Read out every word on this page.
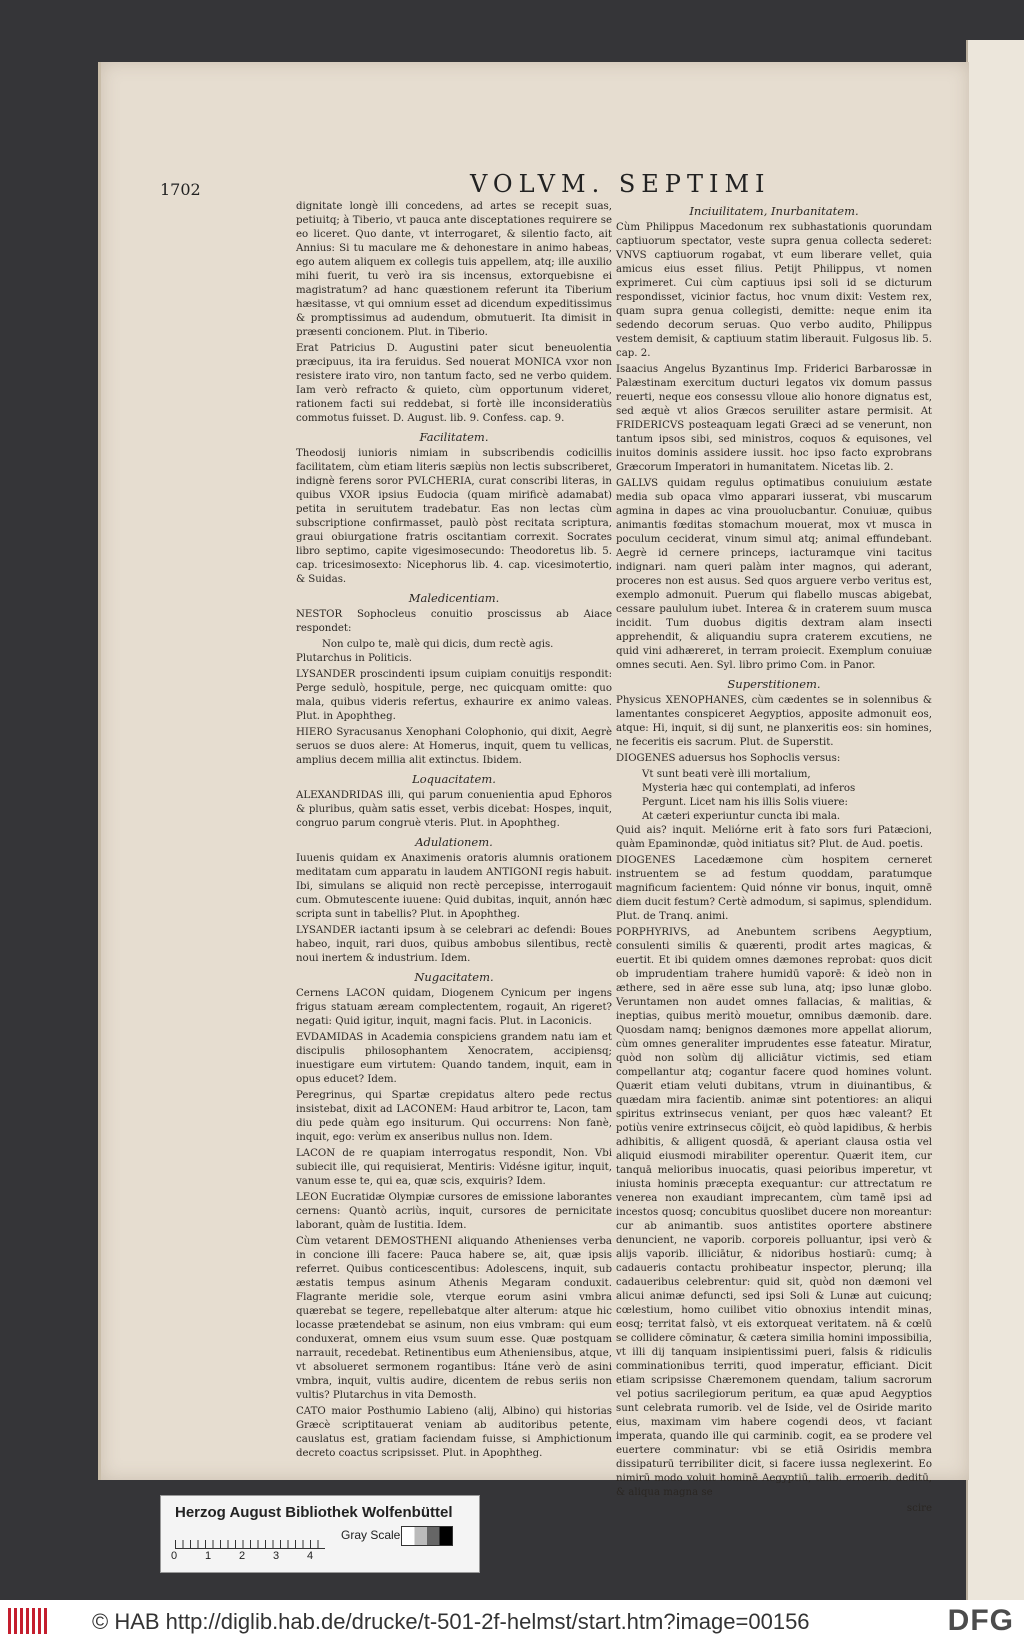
1702	VOLVM. SEPTIMI

dignitate longè illi concedens, ad artes se recepit suas, petiuitq; à Tiberio, vt pauca ante disceptationes requirere se eo liceret. Quo dante, vt interrogaret, & silentio facto, ait Annius: Si tu maculare me & dehonestare in animo habeas, ego autem aliquem ex collegis tuis appellem, atq; ille auxilio mihi fuerit, tu verò ira sis incensus, extorquebisne ei magistratum? ad hanc quæstionem referunt ita Tiberium hæsitasse, vt qui omnium esset ad dicendum expeditissimus & promptissimus ad audendum, obmutuerit. Ita dimisit in præsenti concionem. Plut. in Tiberio.

Erat Patricius D. Augustini pater sicut beneuolentia præcipuus, ita ira feruidus. Sed nouerat MONICA vxor non resistere irato viro, non tantum facto, sed ne verbo quidem. Iam verò refracto & quieto, cùm opportunum videret, rationem facti sui reddebat, si fortè ille inconsideratiùs commotus fuisset. D. August. lib. 9. Confess. cap. 9.

Facilitatem.

Theodosij iunioris nimiam in subscribendis codicillis facilitatem, cùm etiam literis sæpiùs non lectis subscriberet, indignè ferens soror PVLCHERIA, curat conscribi literas, in quibus VXOR ipsius Eudocia (quam mirificè adamabat) petita in seruitutem tradebatur. Eas non lectas cùm subscriptione confirmasset, paulò pòst recitata scriptura, graui obiurgatione fratris oscitantiam correxit. Socrates libro septimo, capite vigesimosecundo: Theodoretus lib. 5. cap. tricesimosexto: Nicephorus lib. 4. cap. vicesimotertio, & Suidas.

Maledicentiam.

NESTOR Sophocleus conuitio proscissus ab Aiace respondet:

Non culpo te, malè qui dicis, dum rectè agis.

Plutarchus in Politicis.

LYSANDER proscindenti ipsum cuipiam conuitijs respondit: Perge sedulò, hospitule, perge, nec quicquam omitte: quo mala, quibus videris refertus, exhaurire ex animo valeas. Plut. in Apophtheg.

HIERO Syracusanus Xenophani Colophonio, qui dixit, Aegrè seruos se duos alere: At Homerus, inquit, quem tu vellicas, amplius decem millia alit extinctus. Ibidem.

Loquacitatem.

ALEXANDRIDAS illi, qui parum conuenientia apud Ephoros & pluribus, quàm satis esset, verbis dicebat: Hospes, inquit, congruo parum congruè vteris. Plut. in Apophtheg.

Adulationem.

Iuuenis quidam ex Anaximenis oratoris alumnis orationem meditatam cum apparatu in laudem ANTIGONI regis habuit. Ibi, simulans se aliquid non rectè percepisse, interrogauit cum. Obmutescente iuuene: Quid dubitas, inquit, annón hæc scripta sunt in tabellis? Plut. in Apophtheg.

LYSANDER iactanti ipsum à se celebrari ac defendi: Boues habeo, inquit, rari duos, quibus ambobus silentibus, rectè noui inertem & industrium. Idem.

Nugacitatem.

Cernens LACON quidam, Diogenem Cynicum per ingens frigus statuam æream complectentem, rogauit, An rigeret? negati: Quid igitur, inquit, magni facis. Plut. in Laconicis.

EVDAMIDAS in Academia conspiciens grandem natu iam et discipulis philosophantem Xenocratem, accipiensq; inuestigare eum virtutem: Quando tandem, inquit, eam in opus educet? Idem.

Peregrinus, qui Spartæ crepidatus altero pede rectus insistebat, dixit ad LACONEM: Haud arbitror te, Lacon, tam diu pede quàm ego insiturum. Qui occurrens: Non fanè, inquit, ego: verùm ex anseribus nullus non. Idem.

LACON de re quapiam interrogatus respondit, Non. Vbi subiecit ille, qui requisierat, Mentiris: Vidésne igitur, inquit, vanum esse te, qui ea, quæ scis, exquiris? Idem.

LEON Eucratidæ Olympiæ cursores de emissione laborantes cernens: Quantò acriùs, inquit, cursores de pernicitate laborant, quàm de Iustitia. Idem.

Cùm vetarent DEMOSTHENI aliquando Athenienses verba in concione illi facere: Pauca habere se, ait, quæ ipsis referret. Quibus conticescentibus: Adolescens, inquit, sub æstatis tempus asinum Athenis Megaram conduxit. Flagrante meridie sole, vterque eorum asini vmbra quærebat se tegere, repellebatque alter alterum: atque hic locasse prætendebat se asinum, non eius vmbram: qui eum conduxerat, omnem eius vsum suum esse. Quæ postquam narrauit, recedebat. Retinentibus eum Atheniensibus, atque, vt absolueret sermonem rogantibus: Itáne verò de asini vmbra, inquit, vultis audire, dicentem de rebus seriis non vultis? Plutarchus in vita Demosth.

CATO maior Posthumio Labieno (alij, Albino) qui historias Græcè scriptitauerat veniam ab auditoribus petente, causlatus est, gratiam faciendam fuisse, si Amphictionum decreto coactus scripsisset. Plut. in Apophtheg.

Inciuilitatem, Inurbanitatem.

Cùm Philippus Macedonum rex subhastationis quorundam captiuorum spectator, veste supra genua collecta sederet: VNVS captiuorum rogabat, vt eum liberare vellet, quia amicus eius esset filius. Petijt Philippus, vt nomen exprimeret. Cui cùm captiuus ipsi soli id se dicturum respondisset, vicinior factus, hoc vnum dixit: Vestem rex, quam supra genua collegisti, demitte: neque enim ita sedendo decorum seruas. Quo verbo audito, Philippus vestem demisit, & captiuum statim liberauit. Fulgosus lib. 5. cap. 2.

Isaacius Angelus Byzantinus Imp. Friderici Barbarossæ in Palæstinam exercitum ducturi legatos vix domum passus reuerti, neque eos consessu vlloue alio honore dignatus est, sed æquè vt alios Græcos seruiliter astare permisit. At FRIDERICVS posteaquam legati Græci ad se venerunt, non tantum ipsos sibi, sed ministros, coquos & equisones, vel inuitos dominis assidere iussit. hoc ipso facto exprobrans Græcorum Imperatori in humanitatem. Nicetas lib. 2.

GALLVS quidam regulus optimatibus conuiuium æstate media sub opaca vlmo apparari iusserat, vbi muscarum agmina in dapes ac vina prouolucbantur. Conuiuæ, quibus animantis fœditas stomachum mouerat, mox vt musca in poculum ceciderat, vinum simul atq; animal effundebant. Aegrè id cernere princeps, iacturamque vini tacitus indignari. nam queri palàm inter magnos, qui aderant, proceres non est ausus. Sed quos arguere verbo veritus est, exemplo admonuit. Puerum qui flabello muscas abigebat, cessare paululum iubet. Interea & in craterem suum musca incidit. Tum duobus digitis dextram alam insecti apprehendit, & aliquandiu supra craterem excutiens, ne quid vini adhæreret, in terram proiecit. Exemplum conuiuæ omnes secuti. Aen. Syl. libro primo Com. in Panor.

Superstitionem.

Physicus XENOPHANES, cùm cædentes se in solennibus & lamentantes conspiceret Aegyptios, apposite admonuit eos, atque: Hi, inquit, si dij sunt, ne planxeritis eos: sin homines, ne feceritis eis sacrum. Plut. de Superstit.

DIOGENES aduersus hos Sophoclis versus:

Vt sunt beati verè illi mortalium,

Mysteria hæc qui contemplati, ad inferos

Pergunt. Licet nam his illis Solis viuere:

At cæteri experiuntur cuncta ibi mala.

Quid ais? inquit. Meliórne erit à fato sors furi Patæcioni, quàm Epaminondæ, quòd initiatus sit? Plut. de Aud. poetis.

DIOGENES Lacedæmone cùm hospitem cerneret instruentem se ad festum quoddam, paratumque magnificum facientem: Quid nónne vir bonus, inquit, omnē diem ducit festum? Certè admodum, si sapimus, splendidum. Plut. de Tranq. animi.

PORPHYRIVS, ad Anebuntem scribens Aegyptium, consulenti similis & quærenti, prodit artes magicas, & euertit. Et ibi quidem omnes dæmones reprobat: quos dicit ob imprudentiam trahere humidū vaporē: & ideò non in æthere, sed in aëre esse sub luna, atq; ipso lunæ globo. Veruntamen non audet omnes fallacias, & malitias, & ineptias, quibus meritò mouetur, omnibus dæmonib. dare. Quosdam namq; benignos dæmones more appellat aliorum, cùm omnes generaliter imprudentes esse fateatur. Miratur, quòd non solùm dij alliciātur victimis, sed etiam compellantur atq; cogantur facere quod homines volunt. Quærit etiam veluti dubitans, vtrum in diuinantibus, & quædam mira facientib. animæ sint potentiores: an aliqui spiritus extrinsecus veniant, per quos hæc valeant? Et potiùs venire extrinsecus cōijcit, eò quòd lapidibus, & herbis adhibitis, & alligent quosdā, & aperiant clausa ostia vel aliquid eiusmodi mirabiliter operentur. Quærit item, cur tanquā melioribus inuocatis, quasi peioribus imperetur, vt iniusta hominis præcepta exequantur: cur attrectatum re venerea non exaudiant imprecantem, cùm tamē ipsi ad incestos quosq; concubitus quoslibet ducere non moreantur: cur ab animantib. suos antistites oportere abstinere denuncient, ne vaporib. corporeis polluantur, ipsi verò & alijs vaporib. illiciātur, & nidoribus hostiarū: cumq; à cadaueris contactu prohibeatur inspector, plerunq; illa cadaueribus celebrentur: quid sit, quòd non dæmoni vel alicui animæ defuncti, sed ipsi Soli & Lunæ aut cuicunq; cœlestium, homo cuilibet vitio obnoxius intendit minas, eosq; territat falsò, vt eis extorqueat veritatem. nā & cœlū se collidere cōminatur, & cætera similia homini impossibilia, vt illi dij tanquam insipientissimi pueri, falsis & ridiculis comminationibus territi, quod imperatur, efficiant. Dicit etiam scripsisse Chæremonem quendam, talium sacrorum vel potius sacrilegiorum peritum, ea quæ apud Aegyptios sunt celebrata rumorib. vel de Iside, vel de Osiride marito eius, maximam vim habere cogendi deos, vt faciant imperata, quando ille qui carminib. cogit, ea se prodere vel euertere comminatur: vbi se etiā Osiridis membra dissipaturū terribiliter dicit, si facere iussa neglexerint. Eo nimirū modo voluit hominē Aegyptiū, talib. erroerib. deditū, & aliqua magna se

scire

Herzog August Bibliothek Wolfenbüttel
0	1	2	3	4
Gray Scale
© HAB http://diglib.hab.de/drucke/t-501-2f-helmst/start.htm?image=00156	DFG
